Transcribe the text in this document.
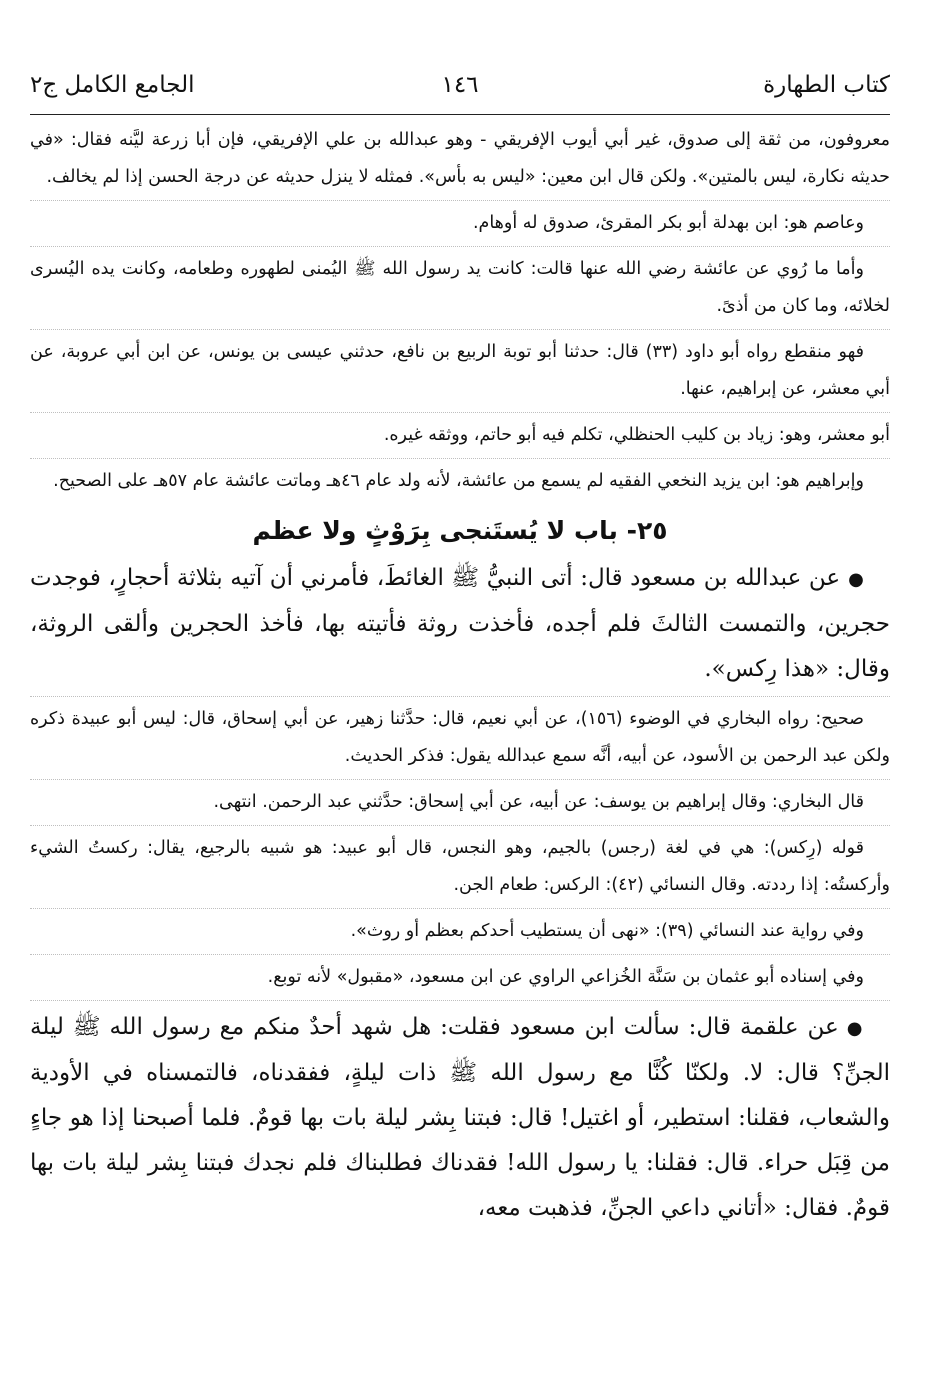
كتاب الطهارة
١٤٦
الجامع الكامل ج٢

معروفون، من ثقة إلى صدوق، غير أبي أيوب الإفريقي - وهو عبدالله بن علي الإفريقي، فإن أبا زرعة ليَّنه فقال: «في حديثه نكارة، ليس بالمتين». ولكن قال ابن معين: «ليس به بأس». فمثله لا ينزل حديثه عن درجة الحسن إذا لم يخالف.

وعاصم هو: ابن بهدلة أبو بكر المقرئ، صدوق له أوهام.

وأما ما رُوي عن عائشة رضي الله عنها قالت: كانت يد رسول الله ﷺ اليُمنى لطهوره وطعامه، وكانت يده اليُسرى لخلائه، وما كان من أذىً.

فهو منقطع رواه أبو داود (٣٣) قال: حدثنا أبو توبة الربيع بن نافع، حدثني عيسى بن يونس، عن ابن أبي عروبة، عن أبي معشر، عن إبراهيم، عنها.

أبو معشر، وهو: زياد بن كليب الحنظلي، تكلم فيه أبو حاتم، ووثقه غيره.

وإبراهيم هو: ابن يزيد النخعي الفقيه لم يسمع من عائشة، لأنه ولد عام ٤٦هـ وماتت عائشة عام ٥٧هـ على الصحيح.

٢٥- باب لا يُستَنجى بِرَوْثٍ ولا عظم

●عن عبدالله بن مسعود قال: أتى النبيُّ ﷺ الغائطَ، فأمرني أن آتيه بثلاثة أحجارٍ، فوجدت حجرين، والتمست الثالثَ فلم أجده، فأخذت روثة فأتيته بها، فأخذ الحجرين وألقى الروثة، وقال: «هذا رِكس».

صحيح: رواه البخاري في الوضوء (١٥٦)، عن أبي نعيم، قال: حدَّثنا زهير، عن أبي إسحاق، قال: ليس أبو عبيدة ذكره ولكن عبد الرحمن بن الأسود، عن أبيه، أنَّه سمع عبدالله يقول: فذكر الحديث.

قال البخاري: وقال إبراهيم بن يوسف: عن أبيه، عن أبي إسحاق: حدَّثني عبد الرحمن. انتهى.

قوله (رِكس): هي في لغة (رجس) بالجيم، وهو النجس، قال أبو عبيد: هو شبيه بالرجيع، يقال: ركستُ الشيء وأركستُه: إذا رددته. وقال النسائي (٤٢): الركس: طعام الجن.

وفي رواية عند النسائي (٣٩): «نهى أن يستطيب أحدكم بعظم أو روث».

وفي إسناده أبو عثمان بن سَنَّة الخُزاعي الراوي عن ابن مسعود، «مقبول» لأنه توبع.

●عن علقمة قال: سألت ابن مسعود فقلت: هل شهد أحدٌ منكم مع رسول الله ﷺ ليلة الجنِّ؟ قال: لا. ولكنّا كُنَّا مع رسول الله ﷺ ذات ليلةٍ، ففقدناه، فالتمسناه في الأودية والشعاب، فقلنا: استطير، أو اغتيل! قال: فبتنا بِشر ليلة بات بها قومٌ. فلما أصبحنا إذا هو جاءٍ من قِبَل حراء. قال: فقلنا: يا رسول الله! فقدناك فطلبناك فلم نجدك فبتنا بِشر ليلة بات بها قومٌ. فقال: «أتاني داعي الجنِّ، فذهبت معه،
